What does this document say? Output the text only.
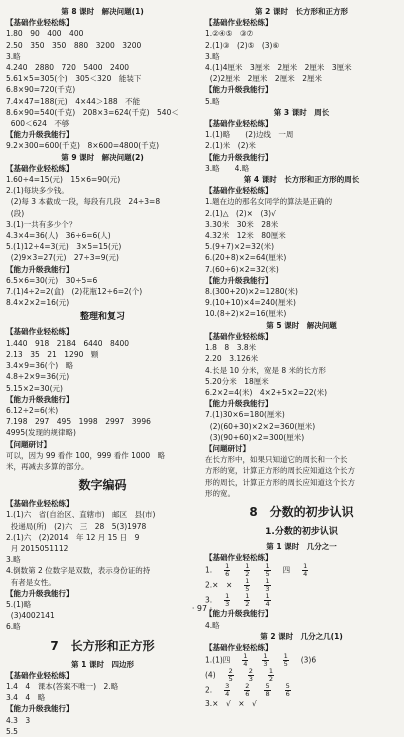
第 8 课时　解决问题(1)
【基础作业轻松练】
1.80　90　400　400
2.50　350　350　880　3200　3200
3.略
4.240　2880　720　5400　2400
5.61×5=305(个)　305＜320　能装下
6.8×90=720(千克)
7.4×47=188(元)　4×44＞188　不能
8.6×90=540(千克)　208×3=624(千克)　540＜
600＜624　不够
【能力升级我能行】
9.2×300=600(千克)　8×600=4800(千克)
第 9 课时　解决问题(2)
【基础作业轻松练】
1.60÷4=15(元)　15×6=90(元)
2.(1)每块多少钱。
(2)每 3 本截成一段，每段有几段　24÷3=8
(段)
3.(1)一共有多少个？
4.3×4=36(人)　36÷6=6(人)
5.(1)12÷4=3(元)　3×5=15(元)
(2)9×3=27(元)　27÷3=9(元)
【能力升级我能行】
6.5×6=30(元)　30÷5=6
7.(1)4÷2=2(盒)　(2)花瓶12÷6=2(个)
8.4×2×2=16(元)
整理和复习
【基础作业轻松练】
1.440　918　2184　6440　8400
2.13　35　21　1290　颗
3.4×9=36(个)　略
4.8÷2×9=36(元)
5.15×2=30(元)
【能力升级我能行】
6.12÷2=6(米)
7.198　297　495　1998　2997　3996
4995(发现的规律略)
【问题研讨】
可以，因为 99 看作 100，999 看作 1000　略
米，再减去多算的部分。
数字编码
【基础作业轻松练】
1.(1)六　省(自治区、直辖市)　邮区　县(市)
投递局(所)　(2)六　三　28　5(3)1978
2.(1)六　(2)2014　年 12 月 15 日　9
月 2015051112
3.略
4.倒数第 2 位数字是双数，表示身份证的持
有者是女性。
【能力升级我能行】
5.(1)略
(3)4002141
6.略
7　长方形和正方形
第 1 课时　四边形
【基础作业轻松练】
1.4　4　课本(答案不唯一)　2.略
3.4　4　略
【能力升级我能行】
4.3　3
5.5
第 2 课时　长方形和正方形
【基础作业轻松练】
1.②④⑤　③⑦
2.(1)③　(2)⑤　(3)⑥
3.略
4.(1)4厘米　3厘米　2厘米　2厘米　3厘米
(2)2厘米　2厘米　2厘米　2厘米
【能力升级我能行】
5.略
第 3 课时　周长
【基础作业轻松练】
1.(1)略　　(2)边线　一周
2.(1)米　(2)米
【能力升级我能行】
3.略　　4.略
第 4 课时　长方形和正方形的周长
【基础作业轻松练】
1.题在边的那名女同学的算法是正确的
2.(1)△　(2)×　(3)√
3.30米　30米　28米
4.32米　12米　80厘米
5.(9+7)×2=32(米)
6.(20+8)×2=64(厘米)
7.(60÷6)×2=32(米)
【能力升级我能行】
8.(300+20)×2=1280(米)
9.(10+10)×4=240(厘米)
10.(8÷2)×2=16(厘米)
第 5 课时　解决问题
【基础作业轻松练】
1.8　8　3.8米
2.20　3.126米
4.长是 10 分米，宽是 8 米的长方形
5.20分米　18厘米
6.2×2=4(米)　4×2+5×2=22(米)
【能力升级我能行】
7.(1)30×6=180(厘米)
(2)(60+30)×2×2=360(厘米)
(3)(90+60)×2=300(厘米)
【问题研讨】
在长方形中，如果只知道它的周长和一个长
方形的宽，计算正方形的周长应知道这个长方
形的周长，计算正方形的周长应知道这个长方
形的宽。
8　分数的初步认识
1.分数的初步认识
第 1 课时　几分之一
【基础作业轻松练】
1. $\frac{1}{6} \frac{1}{2} \frac{1}{5}$ 四 $\frac{1}{4}$
2.×　× $\frac{1}{5} \frac{1}{3}$
3. $\frac{1}{3} \frac{1}{2} \frac{1}{4}$
【能力升级我能行】
4.略
第 2 课时　几分之几(1)
【基础作业轻松练】
1.(1)四 $\frac{1}{4} \frac{1}{3} \frac{1}{5} (3)6$
$(4) \frac{2}{5} \frac{2}{3} \frac{1}{2}$
2. $\frac{3}{4} \frac{2}{6} \frac{5}{8} \frac{5}{6}$
3.×　√　×　√
· 97 ·
